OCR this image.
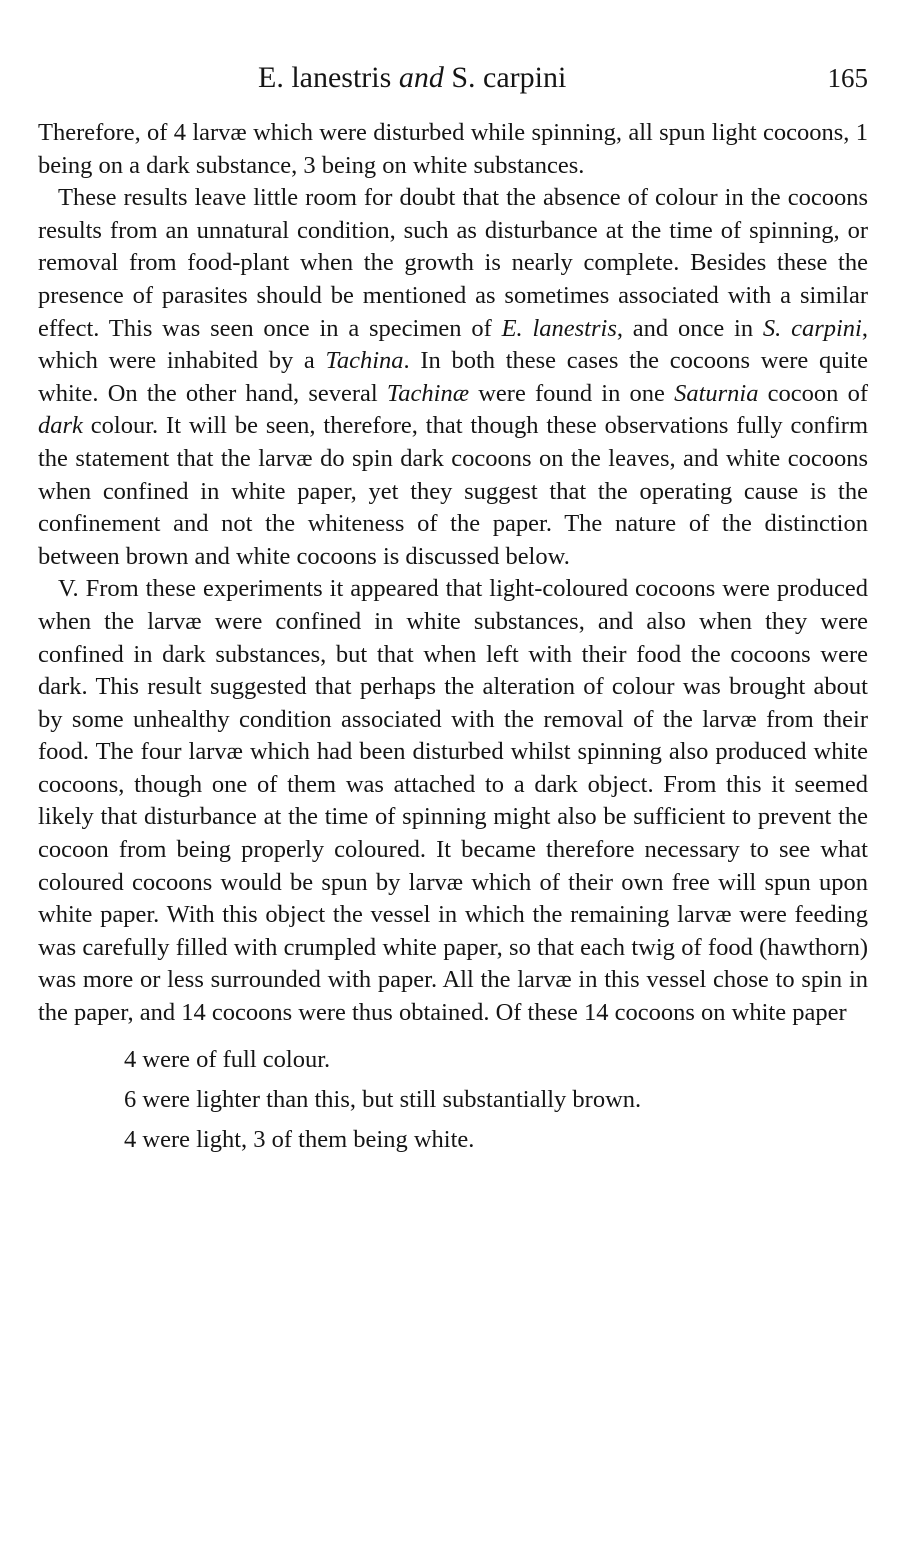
E. lanestris and S. carpini	165

Therefore, of 4 larvæ which were disturbed while spinning, all spun light cocoons, 1 being on a dark substance, 3 being on white substances.

These results leave little room for doubt that the absence of colour in the cocoons results from an unnatural condition, such as disturbance at the time of spinning, or removal from food-plant when the growth is nearly complete. Besides these the presence of parasites should be mentioned as sometimes associated with a similar effect. This was seen once in a specimen of E. lanestris, and once in S. carpini, which were inhabited by a Tachina. In both these cases the cocoons were quite white. On the other hand, several Tachinæ were found in one Saturnia cocoon of dark colour. It will be seen, therefore, that though these observations fully confirm the statement that the larvæ do spin dark cocoons on the leaves, and white cocoons when confined in white paper, yet they suggest that the operating cause is the confinement and not the whiteness of the paper. The nature of the distinction between brown and white cocoons is discussed below.

V. From these experiments it appeared that light-coloured cocoons were produced when the larvæ were confined in white substances, and also when they were confined in dark substances, but that when left with their food the cocoons were dark. This result suggested that perhaps the alteration of colour was brought about by some unhealthy condition associated with the removal of the larvæ from their food. The four larvæ which had been disturbed whilst spinning also produced white cocoons, though one of them was attached to a dark object. From this it seemed likely that disturbance at the time of spinning might also be sufficient to prevent the cocoon from being properly coloured. It became therefore necessary to see what coloured cocoons would be spun by larvæ which of their own free will spun upon white paper. With this object the vessel in which the remaining larvæ were feeding was carefully filled with crumpled white paper, so that each twig of food (hawthorn) was more or less surrounded with paper. All the larvæ in this vessel chose to spin in the paper, and 14 cocoons were thus obtained. Of these 14 cocoons on white paper

4 were of full colour.
6 were lighter than this, but still substantially brown.
4 were light, 3 of them being white.
